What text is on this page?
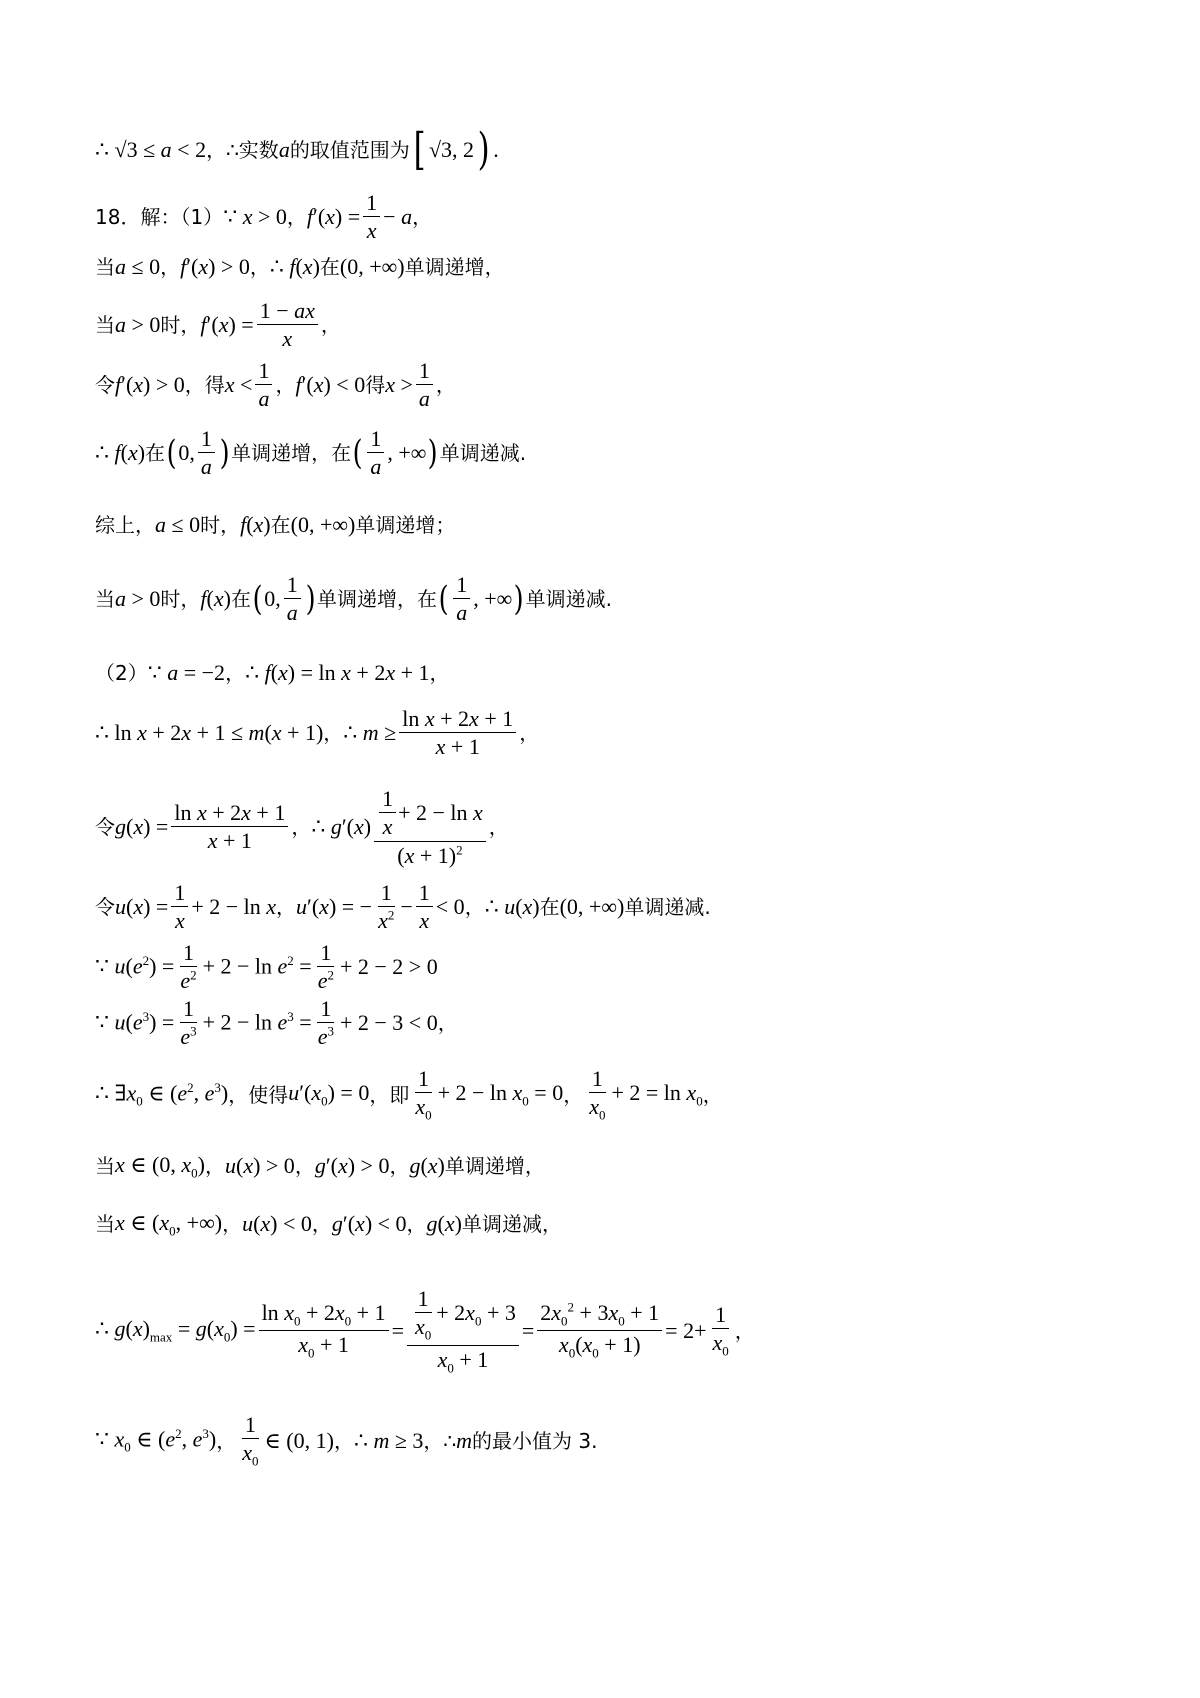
∴ √3 ≤ a < 2 ，∴实数 a 的取值范围为 [ √3, 2 ) .
18．解：（1） ∵ x > 0 ， $f'(x) = \frac{1}{x} - a$ ，
当 a ≤ 0 ， f′(x) > 0 ， ∴ f(x) 在 (0, +∞) 单调递增，
当 a > 0 时， $f'(x) = \frac{1 - ax}{x}$ ，
令 f′(x) > 0 ，得 $x < \frac{1}{a}$ ， f′(x) < 0 得 $x > \frac{1}{a}$ ，
∴ f(x) 在 ( 0, $\frac{1}{a}$ ) 单调递增，在 ( $\frac{1}{a}$ , +∞ ) 单调递减.
综上， a ≤ 0 时， f(x) 在 (0, +∞) 单调递增；
当 a > 0 时， f(x) 在 ( 0, $\frac{1}{a}$ ) 单调递增，在 ( $\frac{1}{a}$ , +∞ ) 单调递减.
（2） ∵ a = −2 ， ∴ f(x) = ln x + 2x + 1 ，
∴ ln x + 2x + 1 ≤ m(x + 1) ， ∴ $m \ge \frac{\text{ln x + 2x + 1}}{x + 1}$ ，
令 $g(x) = \frac{\text{ln x + 2x + 1}}{x + 1}$ ， ∴ $g'(x) \frac{\frac{1}{x} + 2 - \ln x}{(x + 1)^2}$ ，
令 $u(x) = \frac{1}{x} + 2 - \ln x$ ， u′(x) = − $\frac{1}{x^2} - \frac{1}{x} < 0$ ， ∴ u(x) 在 (0, +∞) 单调递减.
∵ $u(e^2) = \frac{1}{e^2} + 2 - \ln e^2 = \frac{1}{e^2} + 2 - 2 > 0$
∵ $u(e^3) = \frac{1}{e^3} + 2 - \ln e^3 = \frac{1}{e^3} + 2 - 3 < 0$ ，
∴ $\exists x_0$ ∈ ($e^2$, $e^3$) ，使得 $u'(x_0) = 0$ ，即 $\frac{1}{x_0} + 2 - \ln x_0 = 0$ ， $\frac{1}{x_0} + 2 = \ln x_0$ ，
当 x ∈ (0, $x_0$) ， u(x) > 0 ， g′(x) > 0 ， g(x) 单调递增，
当 x ∈ ($x_0$, +∞) ， u(x) < 0 ， g′(x) < 0 ， g(x) 单调递减，
∴ $g(x)_{max} = g(x_0) = \frac{\ln x_0 + 2x_0 + 1}{x_0 + 1} = \frac{\frac{1}{x_0} + 2x_0 + 3}{x_0 + 1} = \frac{2x_0^2 + 3x_0 + 1}{x_0(x_0 + 1)} = 2+ \frac{1}{x_0}$ ，
∵ $x_0$ ∈ ($e^2$, $e^3$) ， $\frac{1}{x_0}$ ∈ (0, 1) ， ∴ m ≥ 3 ，∴ m 的最小值为 3.
